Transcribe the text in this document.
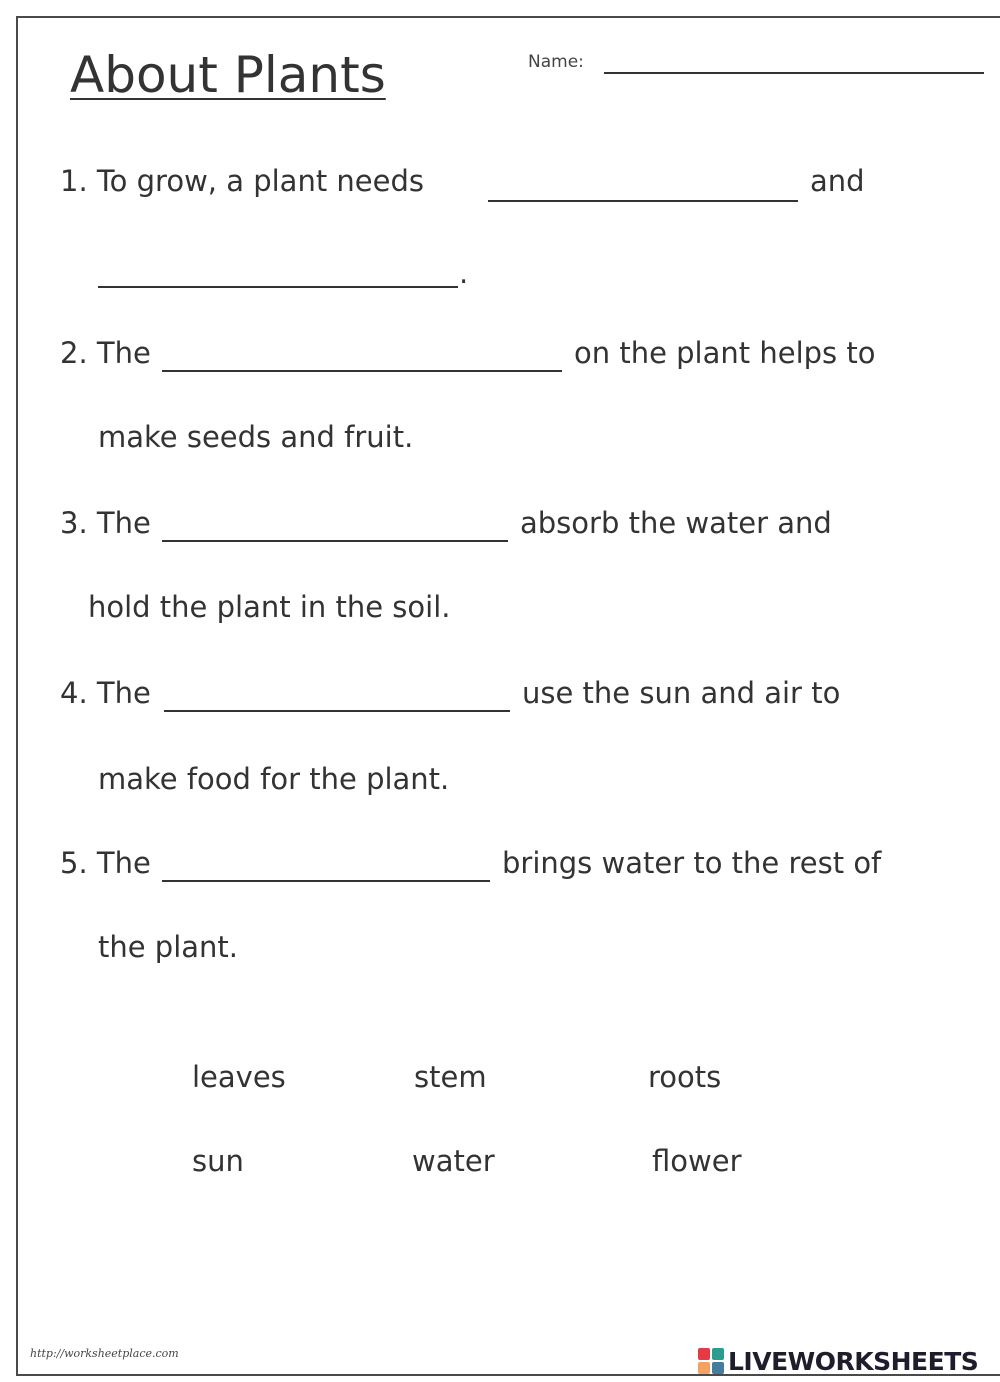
About Plants	Name:
1. To grow, a plant needs	and
.
2. The	on the plant helps to
make seeds and fruit.
3. The	absorb the water and
hold the plant in the soil.
4. The	use the sun and air to
make food for the plant.
5. The	brings water to the rest of
the plant.
leaves	stem	roots
sun	water	flower
http://worksheetplace.com	LIVEWORKSHEETS
